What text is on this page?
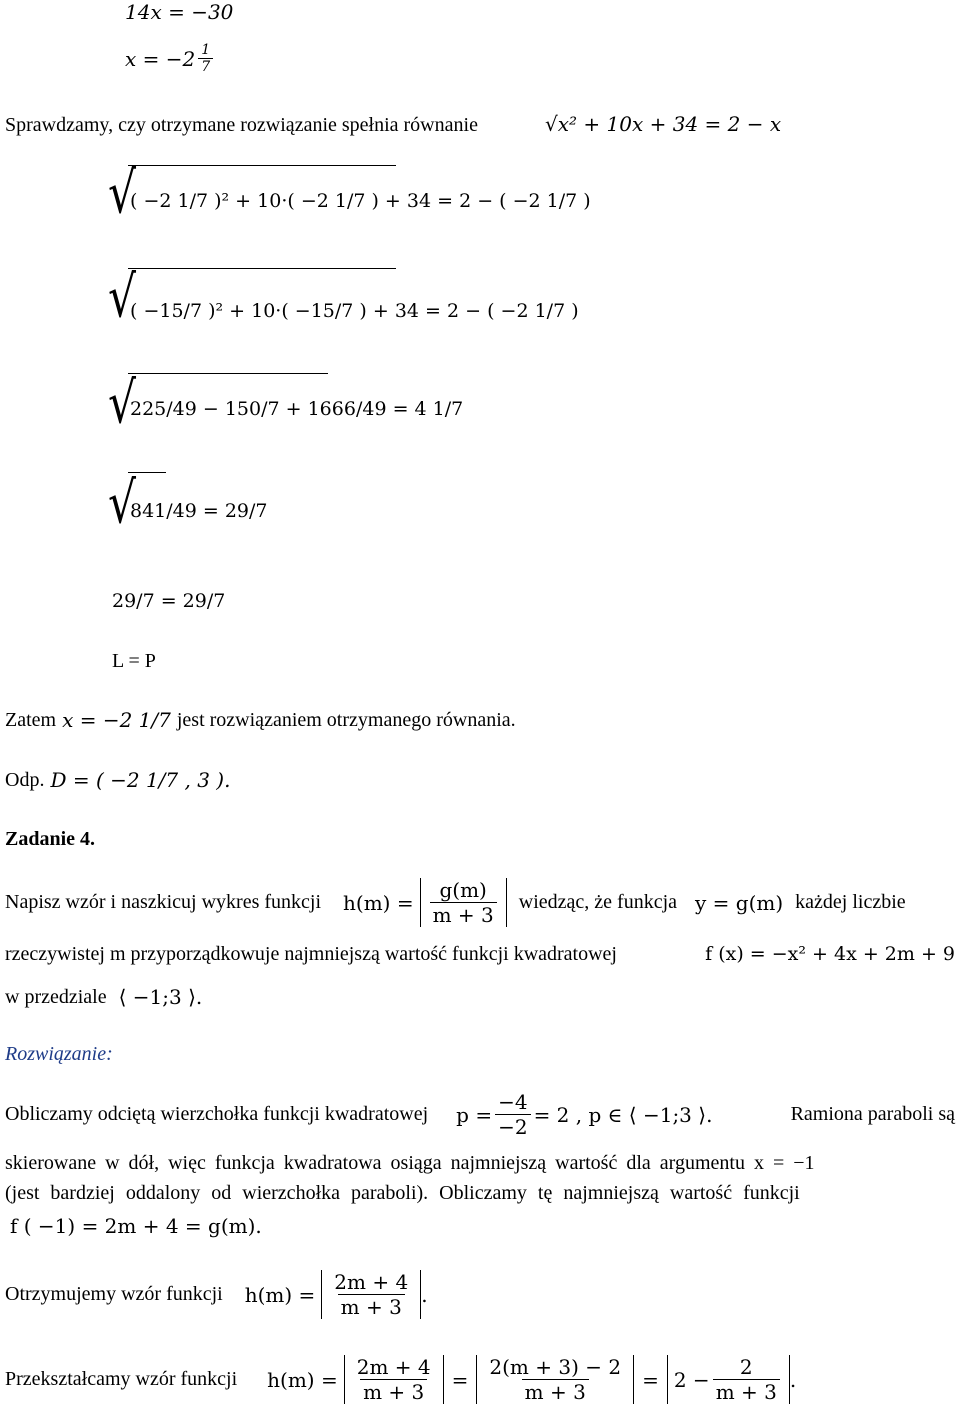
14x = −30
$x = -2 \frac{1}{7}$
Sprawdzamy, czy otrzymane rozwiązanie spełnia równanie	√x² + 10x + 34 = 2 − x
√
( −2 1/7 )² + 10·( −2 1/7 ) + 34 = 2 − ( −2 1/7 )
√
( −15/7 )² + 10·( −15/7 ) + 34 = 2 − ( −2 1/7 )
√
225/49 − 150/7 + 1666/49 = 4 1/7
√
841/49 = 29/7
29/7 = 29/7
L = P
Zatem x = −2 1/7 jest rozwiązaniem otrzymanego równania.
Odp. D = ( −2 1/7 , 3 ).
Zadanie 4.
Napisz wzór i naszkicuj wykres funkcji $h(m) = \frac{g(m)}{m + 3}$ wiedząc, że funkcja y = g(m) każdej liczbie
rzeczywistej m przyporządkowuje najmniejszą wartość funkcji kwadratowej	f (x) = −x² + 4x + 2m + 9
w przedziale ⟨ −1;3 ⟩.
Rozwiązanie:
Obliczamy odciętą wierzchołka funkcji kwadratowej $p = \frac{-4}{-2} = 2$ , p ∈ ⟨ −1;3 ⟩.	Ramiona paraboli są
skierowane w dół, więc funkcja kwadratowa osiąga najmniejszą wartość dla argumentu x = −1
(jest bardziej oddalony od wierzchołka paraboli). Obliczamy tę najmniejszą wartość funkcji
f ( −1) = 2m + 4 = g(m).
Otrzymujemy wzór funkcji $h(m) = \frac{2m + 4}{m + 3}$ .
Przekształcamy wzór funkcji $h(m) = \frac{2m + 4}{m + 3} = \frac{2(m + 3) - 2}{m + 3} = 2 - \frac{2}{m + 3}$ .
